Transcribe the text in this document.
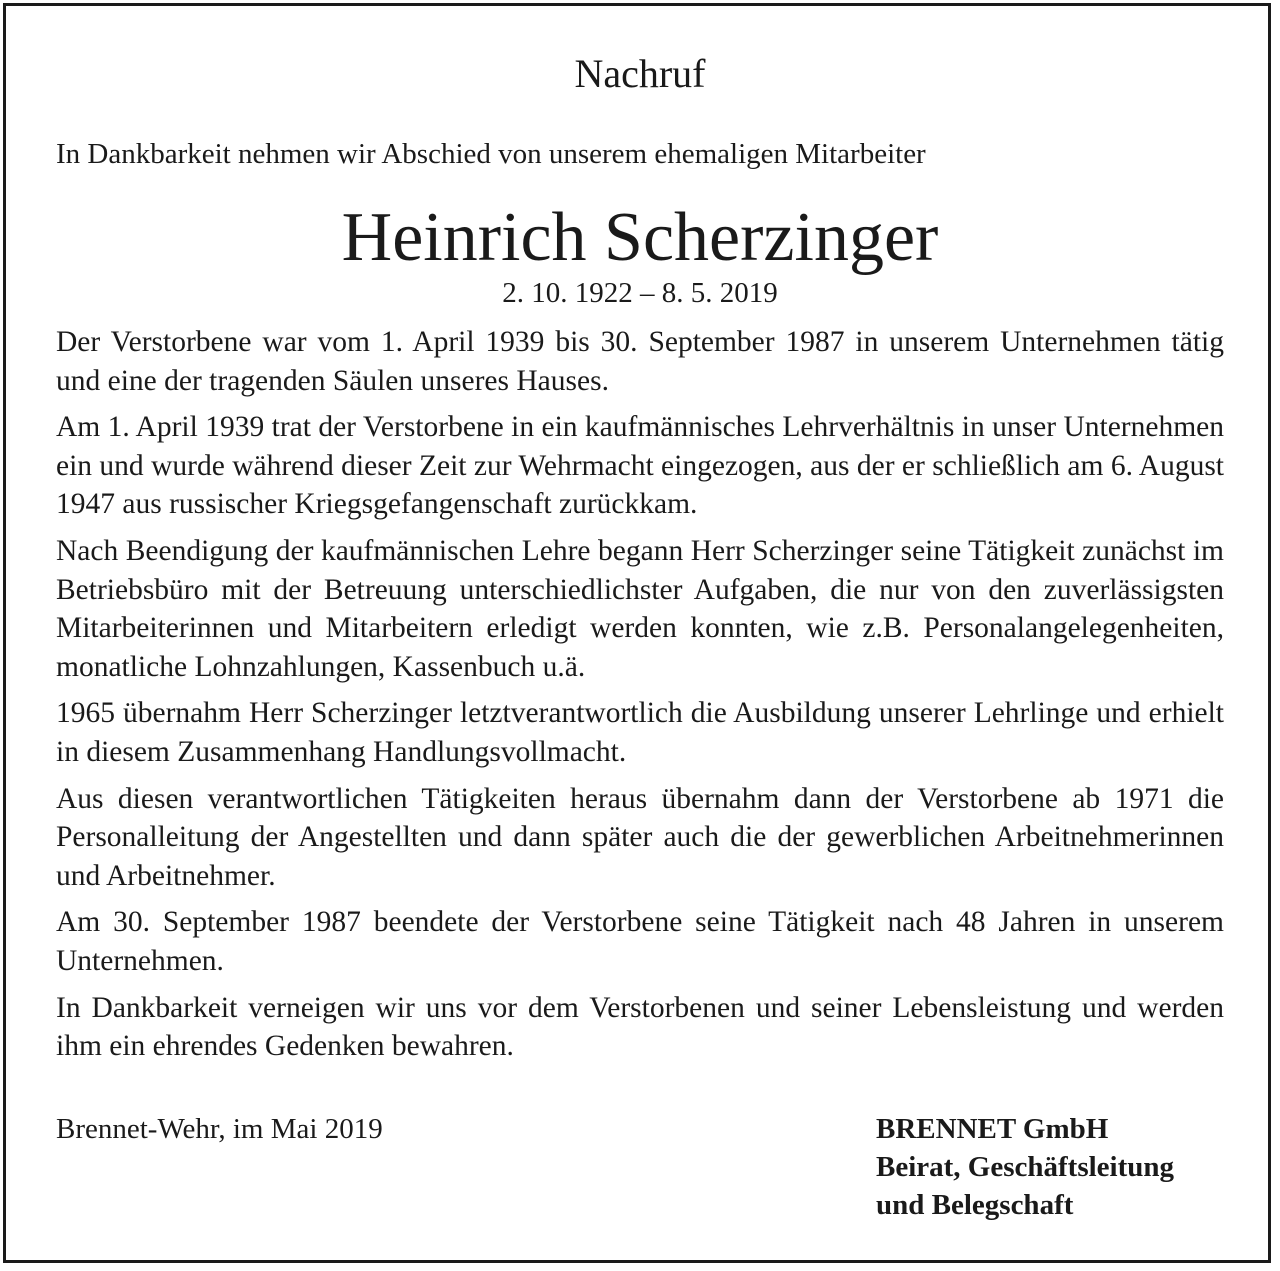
Nachruf
In Dankbarkeit nehmen wir Abschied von unserem ehemaligen Mitarbeiter
Heinrich Scherzinger
2. 10. 1922 – 8. 5. 2019

Der Verstorbene war vom 1. April 1939 bis 30. September 1987 in unserem Unternehmen tätig und eine der tragenden Säulen unseres Hauses.

Am 1. April 1939 trat der Verstorbene in ein kaufmännisches Lehrverhältnis in unser Unternehmen ein und wurde während dieser Zeit zur Wehrmacht eingezogen, aus der er schließlich am 6. August 1947 aus russischer Kriegsgefangenschaft zurückkam.

Nach Beendigung der kaufmännischen Lehre begann Herr Scherzinger seine Tätigkeit zunächst im Betriebsbüro mit der Betreuung unterschiedlichster Aufgaben, die nur von den zuverlässigsten Mitarbeiterinnen und Mitarbeitern erledigt werden konnten, wie z.B. Personalangelegenheiten, monatliche Lohnzahlungen, Kassenbuch u.ä.

1965 übernahm Herr Scherzinger letztverantwortlich die Ausbildung unserer Lehrlinge und erhielt in diesem Zusammenhang Handlungsvollmacht.

Aus diesen verantwortlichen Tätigkeiten heraus übernahm dann der Verstorbene ab 1971 die Personalleitung der Angestellten und dann später auch die der gewerblichen Arbeitnehmerinnen und Arbeitnehmer.

Am 30. September 1987 beendete der Verstorbene seine Tätigkeit nach 48 Jahren in unserem Unternehmen.

In Dankbarkeit verneigen wir uns vor dem Verstorbenen und seiner Lebensleistung und werden ihm ein ehrendes Gedenken bewahren.

Brennet-Wehr, im Mai 2019	BRENNET GmbH
Beirat, Geschäftsleitung
und Belegschaft
